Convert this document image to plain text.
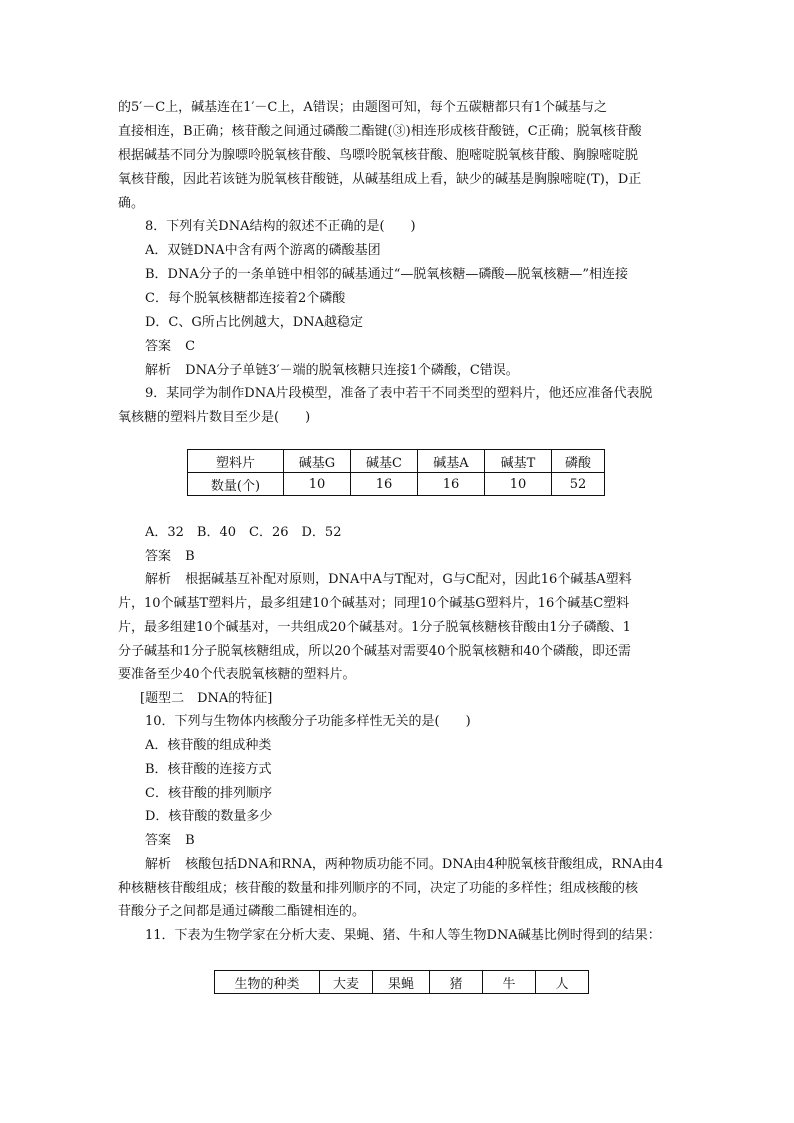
的5′－C上，碱基连在1′－C上，A错误；由题图可知，每个五碳糖都只有1个碱基与之
直接相连，B正确；核苷酸之间通过磷酸二酯键(③)相连形成核苷酸链，C正确；脱氧核苷酸
根据碱基不同分为腺嘌呤脱氧核苷酸、鸟嘌呤脱氧核苷酸、胞嘧啶脱氧核苷酸、胸腺嘧啶脱
氧核苷酸，因此若该链为脱氧核苷酸链，从碱基组成上看，缺少的碱基是胸腺嘧啶(T)，D正
确。
8．下列有关DNA结构的叙述不正确的是(　　)
A．双链DNA中含有两个游离的磷酸基团
B．DNA分子的一条单链中相邻的碱基通过“—脱氧核糖—磷酸—脱氧核糖—”相连接
C．每个脱氧核糖都连接着2个磷酸
D．C、G所占比例越大，DNA越稳定
答案 C
解析 DNA分子单链3′－端的脱氧核糖只连接1个磷酸，C错误。
9．某同学为制作DNA片段模型，准备了表中若干不同类型的塑料片，他还应准备代表脱
氧核糖的塑料片数目至少是(　　)
塑料片	碱基G	碱基C	碱基A	碱基T	磷酸
数量(个)	10	16	16	10	52
A．32　B．40　C．26　D．52
答案 B
解析 根据碱基互补配对原则，DNA中A与T配对，G与C配对，因此16个碱基A塑料
片，10个碱基T塑料片，最多组建10个碱基对；同理10个碱基G塑料片，16个碱基C塑料
片，最多组建10个碱基对，一共组成20个碱基对。1分子脱氧核糖核苷酸由1分子磷酸、1
分子碱基和1分子脱氧核糖组成，所以20个碱基对需要40个脱氧核糖和40个磷酸，即还需
要准备至少40个代表脱氧核糖的塑料片。
[题型二　DNA的特征]
10．下列与生物体内核酸分子功能多样性无关的是(　　)
A．核苷酸的组成种类
B．核苷酸的连接方式
C．核苷酸的排列顺序
D．核苷酸的数量多少
答案 B
解析 核酸包括DNA和RNA，两种物质功能不同。DNA由4种脱氧核苷酸组成，RNA由4
种核糖核苷酸组成；核苷酸的数量和排列顺序的不同，决定了功能的多样性；组成核酸的核
苷酸分子之间都是通过磷酸二酯键相连的。
11．下表为生物学家在分析大麦、果蝇、猪、牛和人等生物DNA碱基比例时得到的结果：
生物的种类	大麦	果蝇	猪	牛	人
